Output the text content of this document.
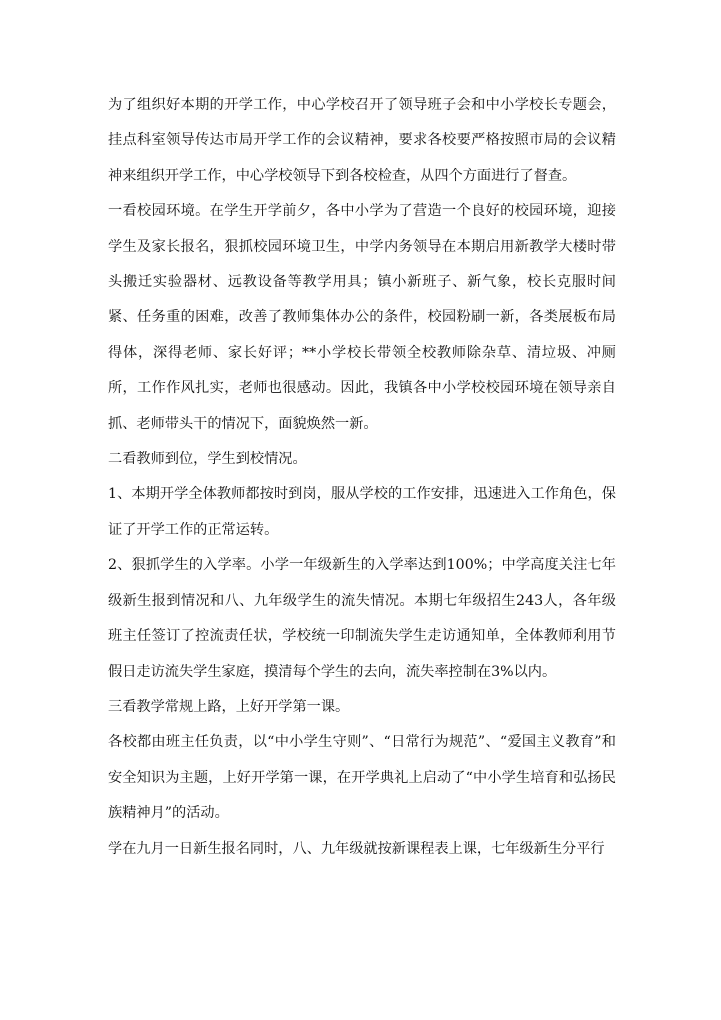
为了组织好本期的开学工作，中心学校召开了领导班子会和中小学校长专题会，挂点科室领导传达市局开学工作的会议精神，要求各校要严格按照市局的会议精神来组织开学工作，中心学校领导下到各校检查，从四个方面进行了督查。

一看校园环境。在学生开学前夕，各中小学为了营造一个良好的校园环境，迎接学生及家长报名，狠抓校园环境卫生，中学内务领导在本期启用新教学大楼时带头搬迁实验器材、远教设备等教学用具；镇小新班子、新气象，校长克服时间紧、任务重的困难，改善了教师集体办公的条件，校园粉刷一新，各类展板布局得体，深得老师、家长好评；**小学校长带领全校教师除杂草、清垃圾、冲厕所，工作作风扎实，老师也很感动。因此，我镇各中小学校校园环境在领导亲自抓、老师带头干的情况下，面貌焕然一新。

二看教师到位，学生到校情况。

1、本期开学全体教师都按时到岗，服从学校的工作安排，迅速进入工作角色，保证了开学工作的正常运转。

2、狠抓学生的入学率。小学一年级新生的入学率达到100%；中学高度关注七年级新生报到情况和八、九年级学生的流失情况。本期七年级招生243人，各年级班主任签订了控流责任状，学校统一印制流失学生走访通知单，全体教师利用节假日走访流失学生家庭，摸清每个学生的去向，流失率控制在3%以内。

三看教学常规上路，上好开学第一课。

各校都由班主任负责，以“中小学生守则”、“日常行为规范”、“爱国主义教育”和安全知识为主题，上好开学第一课，在开学典礼上启动了“中小学生培育和弘扬民族精神月”的活动。

学在九月一日新生报名同时，八、九年级就按新课程表上课，七年级新生分平行
